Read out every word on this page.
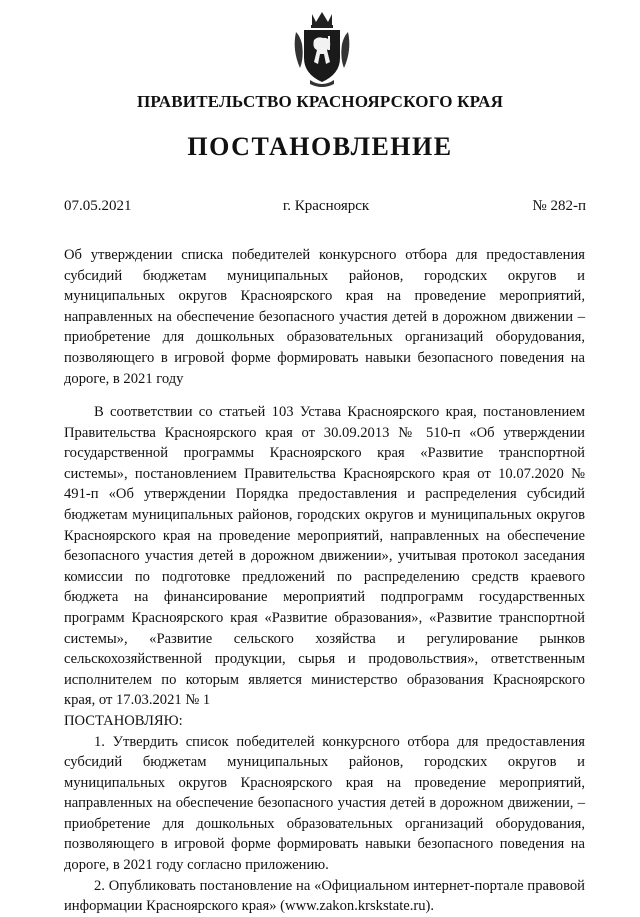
ПРАВИТЕЛЬСТВО КРАСНОЯРСКОГО КРАЯ
ПОСТАНОВЛЕНИЕ
07.05.2021	г. Красноярск	№ 282-п
Об утверждении списка победителей конкурсного отбора для предоставления субсидий бюджетам муниципальных районов, городских округов и муниципальных округов Красноярского края на проведение мероприятий, направленных на обеспечение безопасного участия детей в дорожном движении – приобретение для дошкольных образовательных организаций оборудования, позволяющего в игровой форме формировать навыки безопасного поведения на дороге, в 2021 году

В соответствии со статьей 103 Устава Красноярского края, постановлением Правительства Красноярского края от 30.09.2013 № 510-п «Об утверждении государственной программы Красноярского края «Развитие транспортной системы», постановлением Правительства Красноярского края от 10.07.2020 № 491-п «Об утверждении Порядка предоставления и распределения субсидий бюджетам муниципальных районов, городских округов и муниципальных округов Красноярского края на проведение мероприятий, направленных на обеспечение безопасного участия детей в дорожном движении», учитывая протокол заседания комиссии по подготовке предложений по распределению средств краевого бюджета на финансирование мероприятий подпрограмм государственных программ Красноярского края «Развитие образования», «Развитие транспортной системы», «Развитие сельского хозяйства и регулирование рынков сельскохозяйственной продукции, сырья и продовольствия», ответственным исполнителем по которым является министерство образования Красноярского края, от 17.03.2021 № 1

ПОСТАНОВЛЯЮ:

1. Утвердить список победителей конкурсного отбора для предоставления субсидий бюджетам муниципальных районов, городских округов и муниципальных округов Красноярского края на проведение мероприятий, направленных на обеспечение безопасного участия детей в дорожном движении, – приобретение для дошкольных образовательных организаций оборудования, позволяющего в игровой форме формировать навыки безопасного поведения на дороге, в 2021 году согласно приложению.

2. Опубликовать постановление на «Официальном интернет-портале правовой информации Красноярского края» (www.zakon.krskstate.ru).
